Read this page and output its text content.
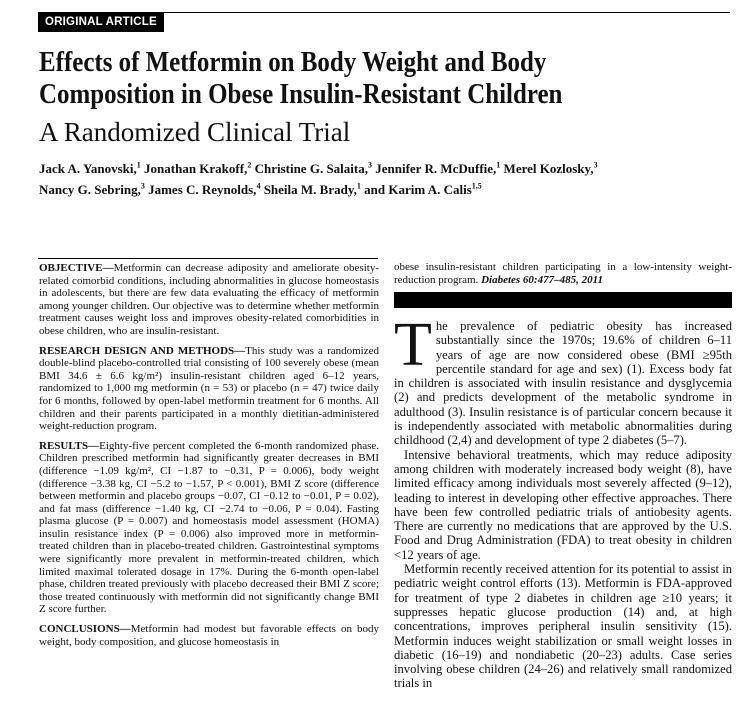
ORIGINAL ARTICLE
Effects of Metformin on Body Weight and Body
Composition in Obese Insulin-Resistant Children
A Randomized Clinical Trial

Jack A. Yanovski,$^1$ Jonathan Krakoff,$^2$ Christine G. Salaita,$^3$ Jennifer R. McDuffie,$^1$ Merel Kozlosky,$^3$
Nancy G. Sebring,$^3$ James C. Reynolds,$^4$ Sheila M. Brady,$^1$ and Karim A. Calis$^{1,5}$

OBJECTIVE—Metformin can decrease adiposity and ameliorate obesity-related comorbid conditions, including abnormalities in glucose homeostasis in adolescents, but there are few data evaluating the efficacy of metformin among younger children. Our objective was to determine whether metformin treatment causes weight loss and improves obesity-related comorbidities in obese children, who are insulin-resistant.

RESEARCH DESIGN AND METHODS—This study was a randomized double-blind placebo-controlled trial consisting of 100 severely obese (mean BMI 34.6 ± 6.6 kg/m²) insulin-resistant children aged 6–12 years, randomized to 1,000 mg metformin (n = 53) or placebo (n = 47) twice daily for 6 months, followed by open-label metformin treatment for 6 months. All children and their parents participated in a monthly dietitian-administered weight-reduction program.

RESULTS—Eighty-five percent completed the 6-month randomized phase. Children prescribed metformin had significantly greater decreases in BMI (difference −1.09 kg/m², CI −1.87 to −0.31, P = 0.006), body weight (difference −3.38 kg, CI −5.2 to −1.57, P < 0.001), BMI Z score (difference between metformin and placebo groups −0.07, CI −0.12 to −0.01, P = 0.02), and fat mass (difference −1.40 kg, CI −2.74 to −0.06, P = 0.04). Fasting plasma glucose (P = 0.007) and homeostasis model assessment (HOMA) insulin resistance index (P = 0.006) also improved more in metformin-treated children than in placebo-treated children. Gastrointestinal symptoms were significantly more prevalent in metformin-treated children, which limited maximal tolerated dosage in 17%. During the 6-month open-label phase, children treated previously with placebo decreased their BMI Z score; those treated continuously with metformin did not significantly change BMI Z score further.

CONCLUSIONS—Metformin had modest but favorable effects on body weight, body composition, and glucose homeostasis in

obese insulin-resistant children participating in a low-intensity weight-reduction program. Diabetes 60:477–485, 2011

The prevalence of pediatric obesity has increased substantially since the 1970s; 19.6% of children 6–11 years of age are now considered obese (BMI ≥95th percentile standard for age and sex) (1). Excess body fat in children is associated with insulin resistance and dysglycemia (2) and predicts development of the metabolic syndrome in adulthood (3). Insulin resistance is of particular concern because it is independently associated with metabolic abnormalities during childhood (2,4) and development of type 2 diabetes (5–7).

Intensive behavioral treatments, which may reduce adiposity among children with moderately increased body weight (8), have limited efficacy among individuals most severely affected (9–12), leading to interest in developing other effective approaches. There have been few controlled pediatric trials of antiobesity agents. There are currently no medications that are approved by the U.S. Food and Drug Administration (FDA) to treat obesity in children <12 years of age.

Metformin recently received attention for its potential to assist in pediatric weight control efforts (13). Metformin is FDA-approved for treatment of type 2 diabetes in children age ≥10 years; it suppresses hepatic glucose production (14) and, at high concentrations, improves peripheral insulin sensitivity (15). Metformin induces weight stabilization or small weight losses in diabetic (16–19) and nondiabetic (20–23) adults. Case series involving obese children (24–26) and relatively small randomized trials in
